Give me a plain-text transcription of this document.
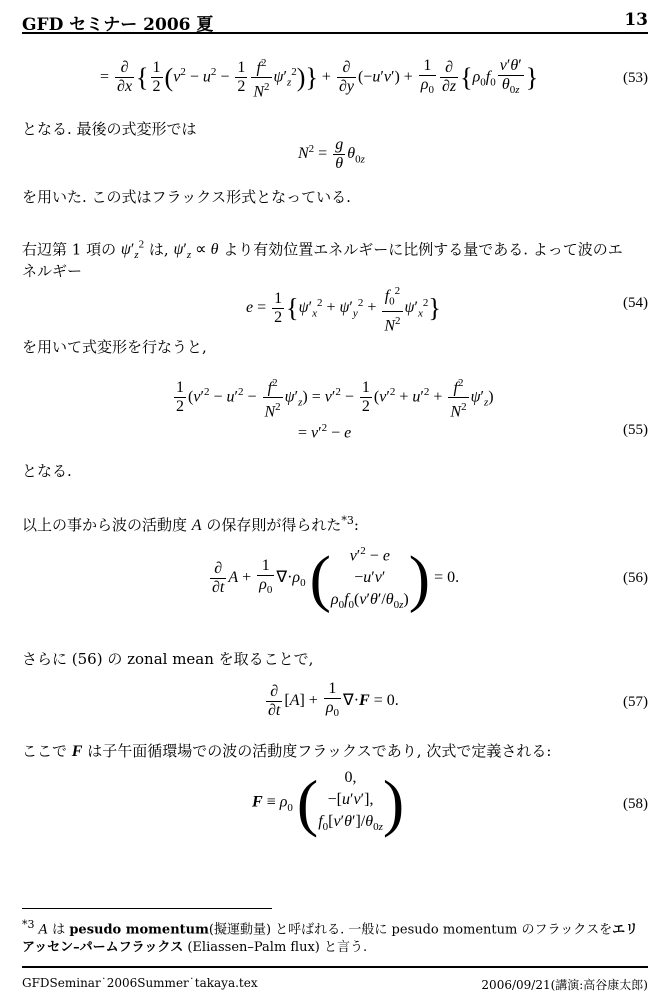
GFD セミナー 2006 夏	13
= $\frac{\partial}{\partial x}$ { $\frac{1}{2} (v^2 - u^2 - \frac{1}{2} \frac{f^2}{N^2} \psi'_z^2)\} + \frac{\partial}{\partial y} (-u'v') + \frac{1}{\rho_0} \frac{\partial}{\partial z} \{\rho_0f_0 \frac{v'\theta'}{\theta_{0z}}$ }	(53)
となる. 最後の式変形では
$N^2 = \frac{g}{\theta} \theta_{0z}$
を用いた. この式はフラックス形式となっている.
右辺第 1 項の $\psi'_z^2$ は, $\psi'_z \propto \theta$ より有効位置エネルギーに比例する量である. よって波のエ
ネルギー
$e = \frac{1}{2} \{\psi'_x^2 + \psi'_y^2 + \frac{f_0^2}{N^2} \psi'_x^2\}$	(54)
を用いて式変形を行なうと,
$\frac{1}{2} (v'^2 - u'^2 - \frac{f^2}{N^2} \psi'_z) = v'^2 - \frac{1}{2} (v'^2 + u'^2 + \frac{f^2}{N^2} \psi'_z)$
= $v'^2 - e$	(55)
となる.
以上の事から波の活動度 A の保存則が得られた$^{*3}$:
$\frac{\partial}{\partial t}$ $A + \frac{1}{\rho_0} \nabla\cdot\rho_0$ (	$v'^2 - e$
−u′v′
$\rho_0f_0(v'\theta'/\theta_{0z})$ ) = 0.	(56)
さらに (56) の zonal mean を取ることで,
$\frac{\partial}{\partial t} [A] + \frac{1}{\rho_0} \nabla\cdot F = 0$.	(57)
ここで F は子午面循環場での波の活動度フラックスであり, 次式で定義される:
$F \equiv \rho_0$ (	0,
−[u′v′],
$f_0[v'\theta']/\theta_{0z}$ )	(58)
$^{*3}$ A は pesudo momentum(擬運動量) と呼ばれる. 一般に pesudo momentum のフラックスをエリアッセン–パームフラックス (Eliassen–Palm flux) と言う.
GFDSeminar˙2006Summer˙takaya.tex	2006/09/21(講演:高谷康太郎)
